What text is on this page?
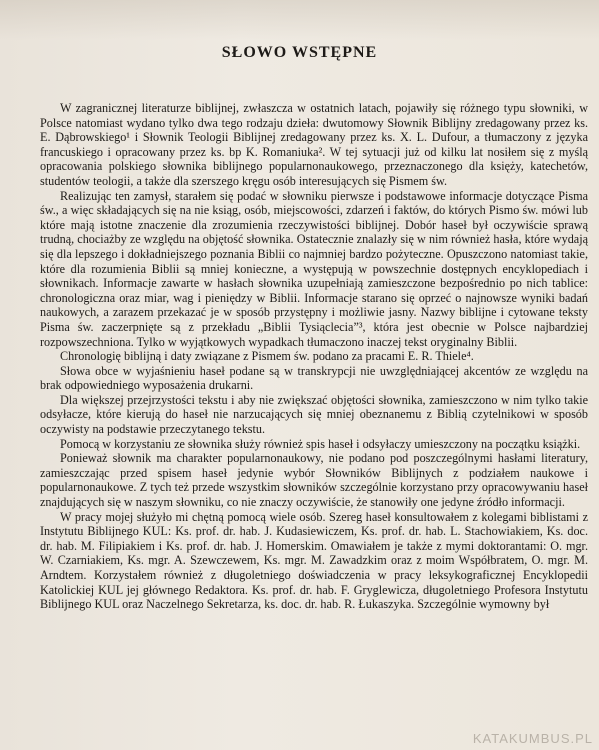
SŁOWO WSTĘPNE

W zagranicznej literaturze biblijnej, zwłaszcza w ostatnich latach, pojawiły się różnego typu słowniki, w Polsce natomiast wydano tylko dwa tego rodzaju dzieła: dwutomowy Słownik Biblijny zredagowany przez ks. E. Dąbrowskiego¹ i Słownik Teologii Biblijnej zredagowany przez ks. X. L. Dufour, a tłumaczony z języka francuskiego i opracowany przez ks. bp K. Romaniuka². W tej sytuacji już od kilku lat nosiłem się z myślą opracowania polskiego słownika biblijnego popularnonaukowego, przeznaczonego dla księży, katechetów, studentów teologii, a także dla szerszego kręgu osób interesujących się Pismem św.

Realizując ten zamysł, starałem się podać w słowniku pierwsze i podstawowe informacje dotyczące Pisma św., a więc składających się na nie ksiąg, osób, miejscowości, zdarzeń i faktów, do których Pismo św. mówi lub które mają istotne znaczenie dla zrozumienia rzeczywistości biblijnej. Dobór haseł był oczywiście sprawą trudną, chociażby ze względu na objętość słownika. Ostatecznie znalazły się w nim również hasła, które wydają się dla lepszego i dokładniejszego poznania Biblii co najmniej bardzo pożyteczne. Opuszczono natomiast takie, które dla rozumienia Biblii są mniej konieczne, a występują w powszechnie dostępnych encyklopediach i słownikach. Informacje zawarte w hasłach słownika uzupełniają zamieszczone bezpośrednio po nich tablice: chronologiczna oraz miar, wag i pieniędzy w Biblii. Informacje starano się oprzeć o najnowsze wyniki badań naukowych, a zarazem przekazać je w sposób przystępny i możliwie jasny. Nazwy biblijne i cytowane teksty Pisma św. zaczerpnięte są z przekładu „Biblii Tysiąclecia”³, która jest obecnie w Polsce najbardziej rozpowszechniona. Tylko w wyjątkowych wypadkach tłumaczono inaczej tekst oryginalny Biblii.

Chronologię biblijną i daty związane z Pismem św. podano za pracami E. R. Thiele⁴.

Słowa obce w wyjaśnieniu haseł podane są w transkrypcji nie uwzględniającej akcentów ze względu na brak odpowiedniego wyposażenia drukarni.

Dla większej przejrzystości tekstu i aby nie zwiększać objętości słownika, zamieszczono w nim tylko takie odsyłacze, które kierują do haseł nie narzucających się mniej obeznanemu z Biblią czytelnikowi w sposób oczywisty na podstawie przeczytanego tekstu.

Pomocą w korzystaniu ze słownika służy również spis haseł i odsyłaczy umieszczony na początku książki.

Ponieważ słownik ma charakter popularnonaukowy, nie podano pod poszczególnymi hasłami literatury, zamieszczając przed spisem haseł jedynie wybór Słowników Biblijnych z podziałem naukowe i popularnonaukowe. Z tych też przede wszystkim słowników szczególnie korzystano przy opracowywaniu haseł znajdujących się w naszym słowniku, co nie znaczy oczywiście, że stanowiły one jedyne źródło informacji.

W pracy mojej służyło mi chętną pomocą wiele osób. Szereg haseł konsultowałem z kolegami biblistami z Instytutu Biblijnego KUL: Ks. prof. dr. hab. J. Kudasiewiczem, Ks. prof. dr. hab. L. Stachowiakiem, Ks. doc. dr. hab. M. Filipiakiem i Ks. prof. dr. hab. J. Homerskim. Omawiałem je także z mymi doktorantami: O. mgr. W. Czarniakiem, Ks. mgr. A. Szewczewem, Ks. mgr. M. Zawadzkim oraz z moim Współbratem, O. mgr. M. Arndtem. Korzystałem również z długoletniego doświadczenia w pracy leksykograficznej Encyklopedii Katolickiej KUL jej głównego Redaktora. Ks. prof. dr. hab. F. Gryglewicza, długoletniego Profesora Instytutu Biblijnego KUL oraz Naczelnego Sekretarza, ks. doc. dr. hab. R. Łukaszyka. Szczególnie wymowny był

KATAKUMBUS.PL
